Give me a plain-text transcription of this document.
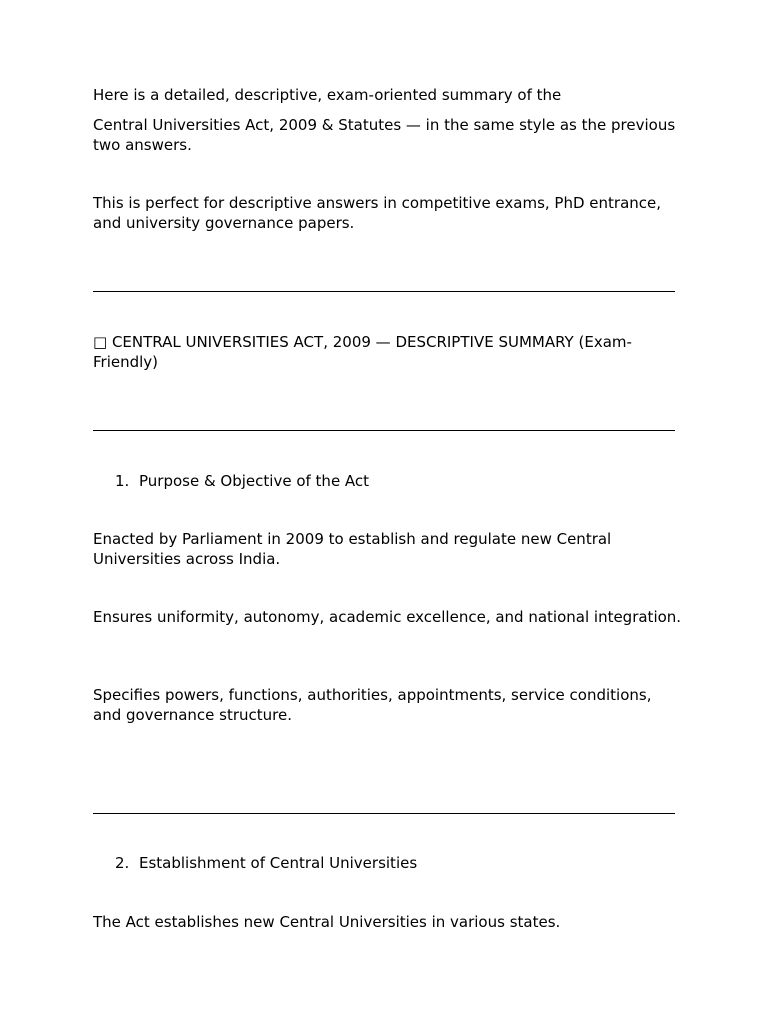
Here is a detailed, descriptive, exam-oriented summary of the

Central Universities Act, 2009 & Statutes — in the same style as the previous two answers.

This is perfect for descriptive answers in competitive exams, PhD entrance, and university governance papers.

□ CENTRAL UNIVERSITIES ACT, 2009 — DESCRIPTIVE SUMMARY (Exam-Friendly)

1. Purpose & Objective of the Act

Enacted by Parliament in 2009 to establish and regulate new Central Universities across India.

Ensures uniformity, autonomy, academic excellence, and national integration.

Specifies powers, functions, authorities, appointments, service conditions, and governance structure.

2. Establishment of Central Universities

The Act establishes new Central Universities in various states.
